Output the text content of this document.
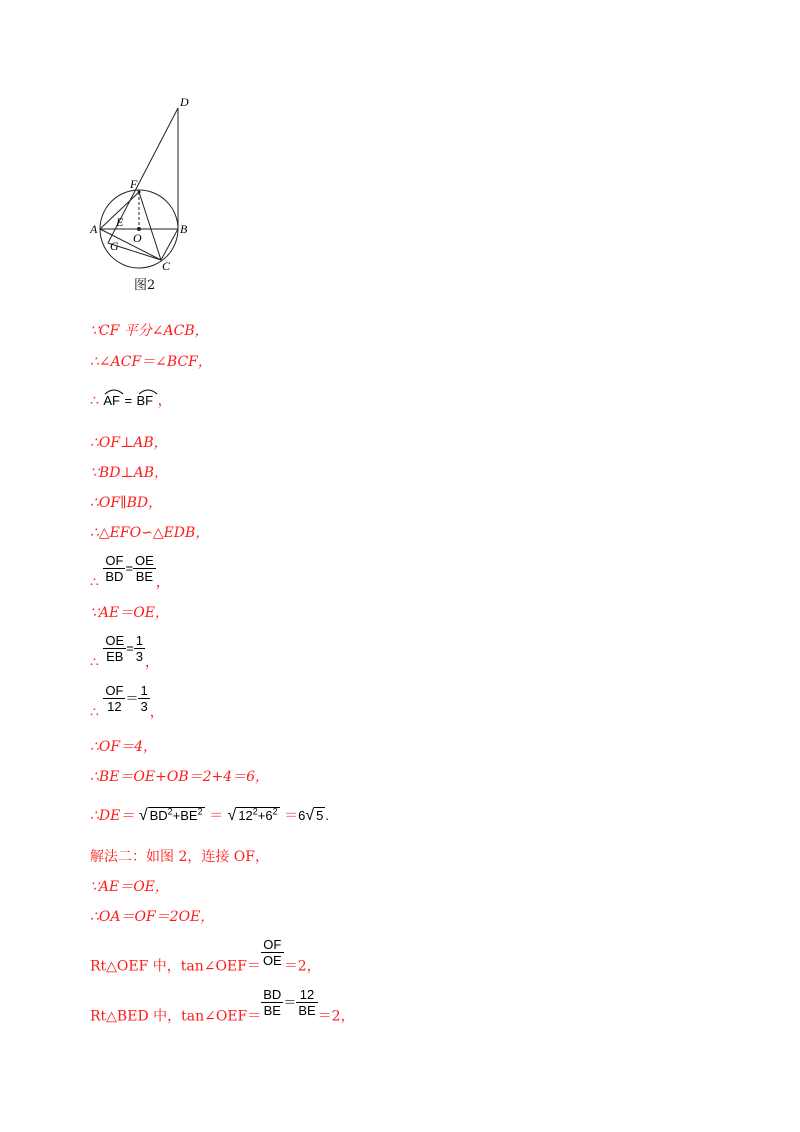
D
F
E
A
O
B
G
C
图2
∵CF 平分∠ACB，
∴∠ACF＝∠BCF，
∴ AF = BF ，
∴OF⊥AB，
∵BD⊥AB，
∴OF∥BD，
∴△EFO∽△EDB，
∴ $\frac{OF}{BD} = \frac{OE}{BE}$ ，
∵AE＝OE，
∴ $\frac{OE}{EB} = \frac{1}{3}$ ，
∴ $\frac{OF}{12} = \frac{1}{3}$ ，
∴OF＝4，
∴BE＝OE+OB＝2+4＝6，
∴DE＝ √ $BD^2+BE^2$ ＝ √ $12^2+6^2 =6√$ 5 .
解法二：如图 2，连接 OF，
∵AE＝OE，
∴OA＝OF＝2OE，
Rt△OEF 中，tan∠OEF＝ $\frac{OF}{OE} =2$，
Rt△BED 中，tan∠OEF＝ $\frac{BD}{BE} = \frac{12}{BE} =2$，
